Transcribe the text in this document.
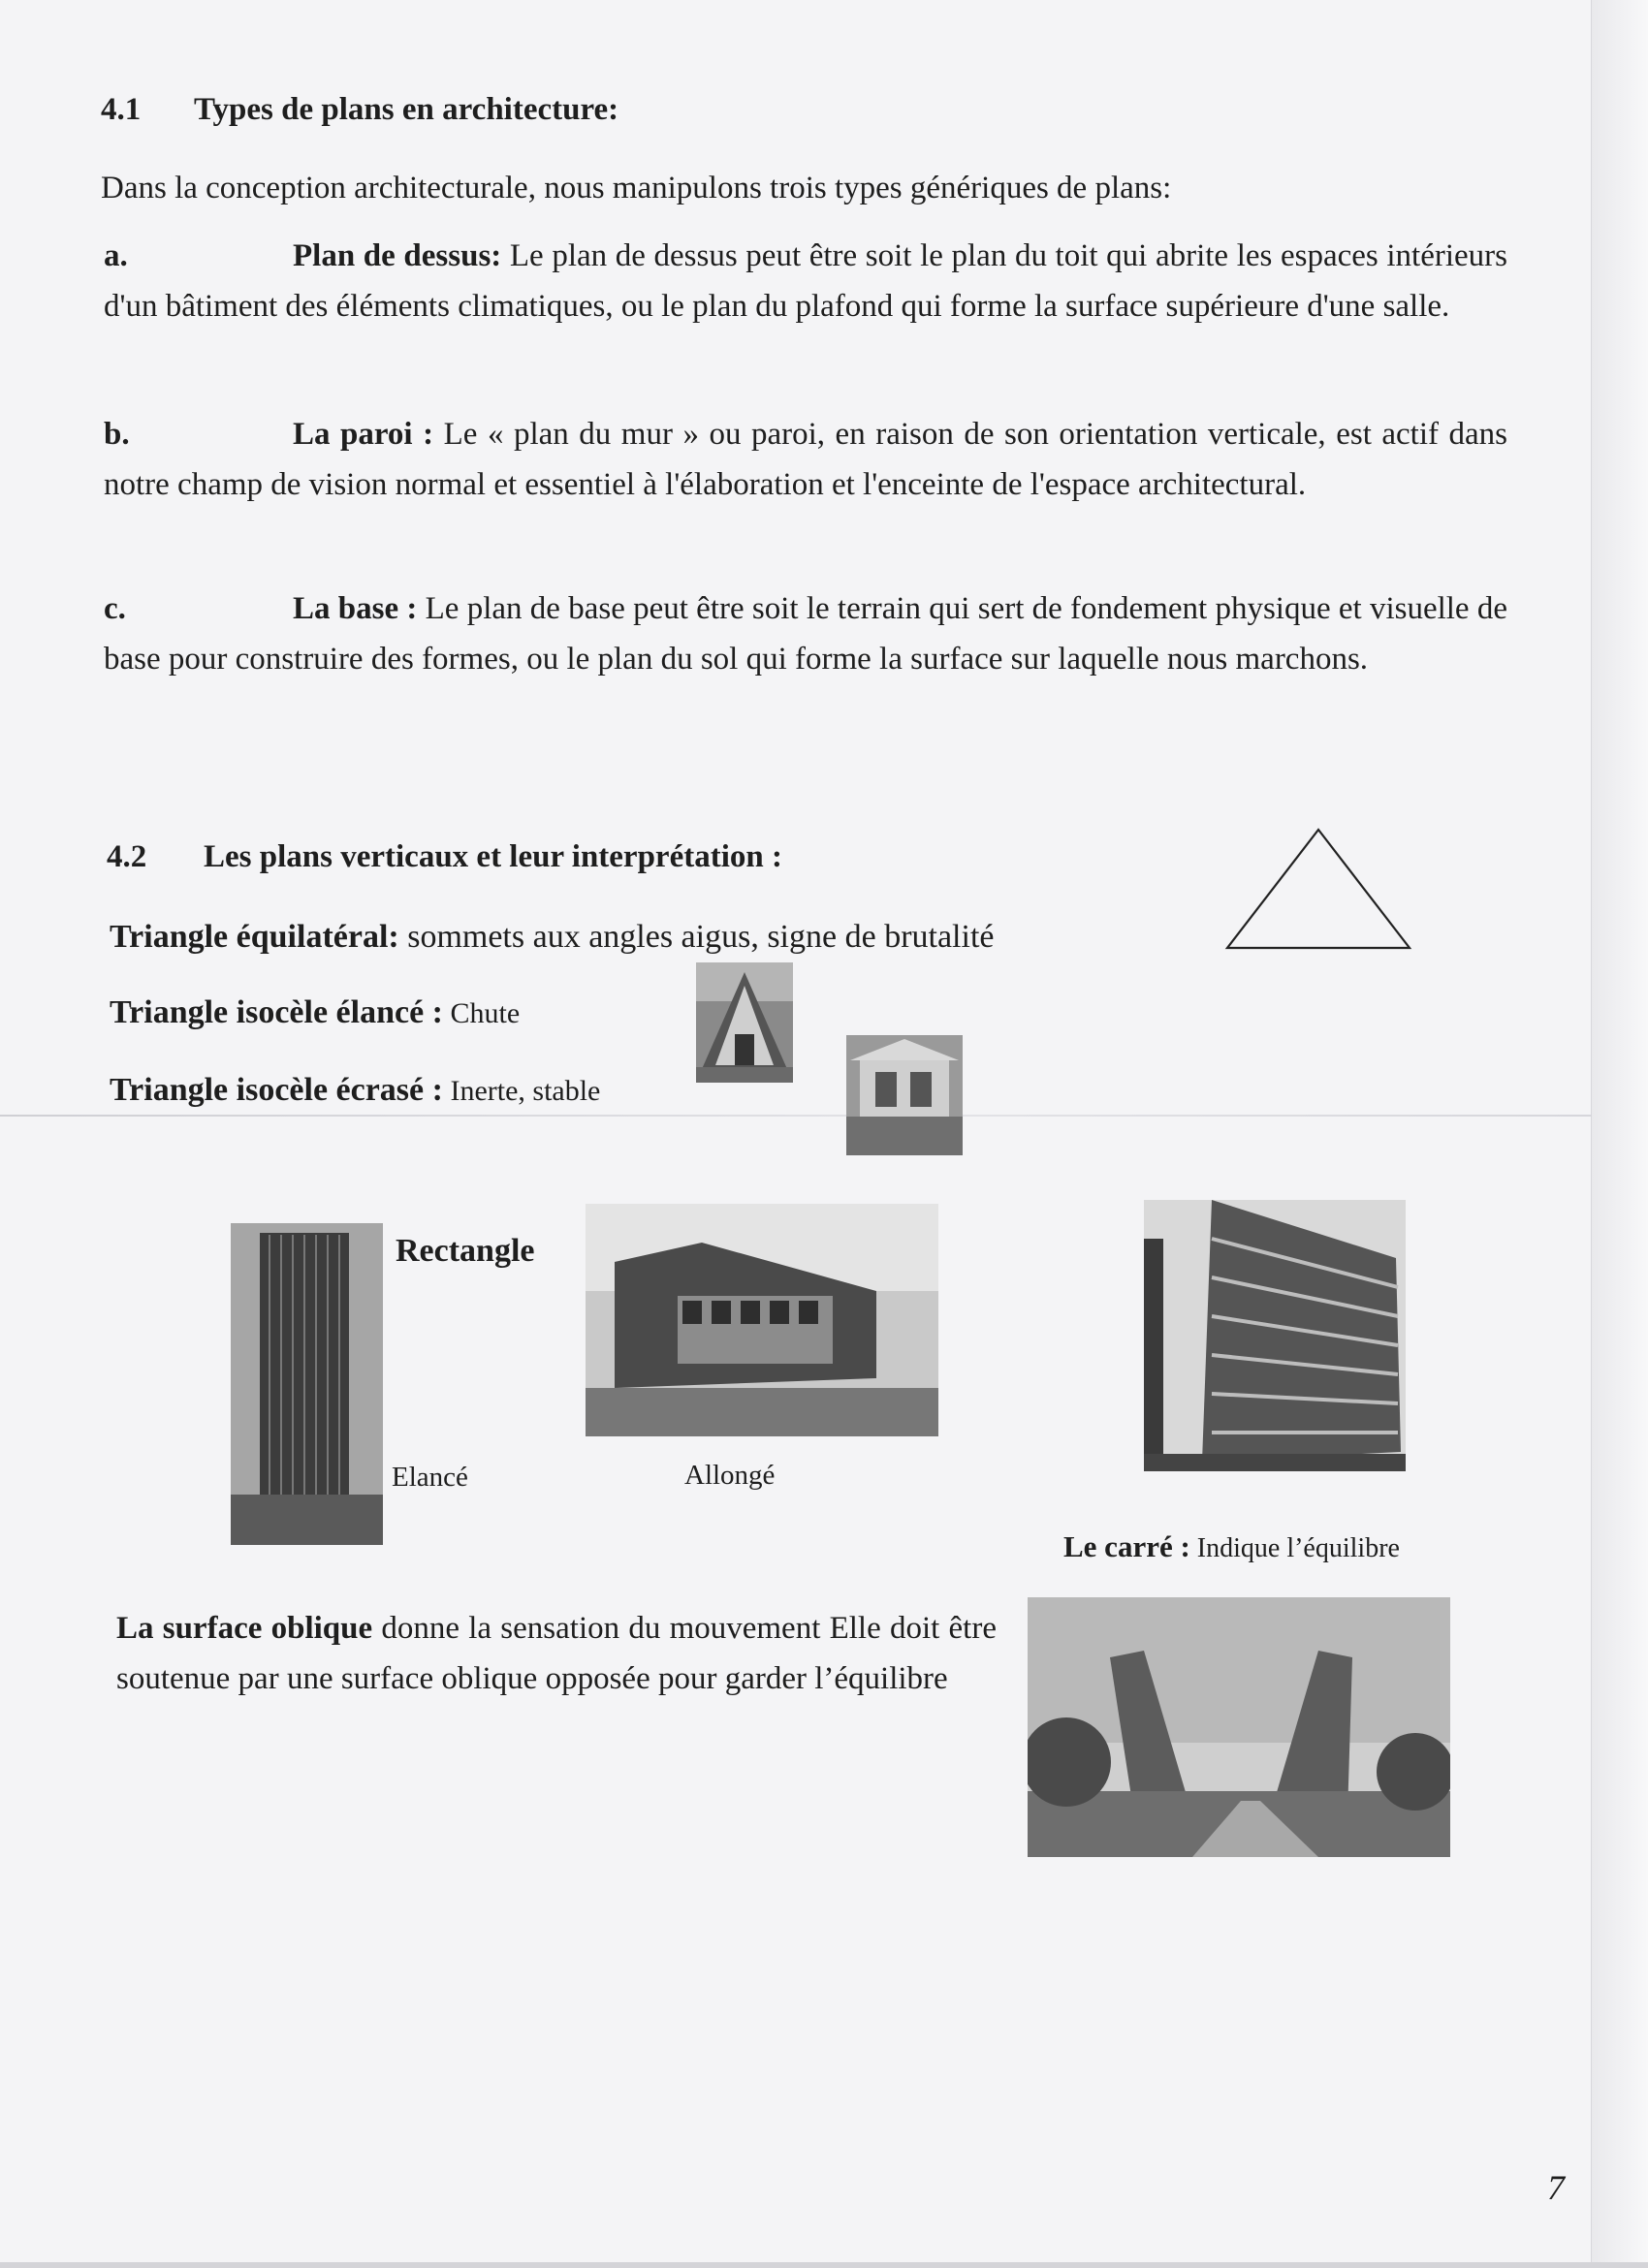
4.1 Types de plans en architecture:

Dans la conception architecturale, nous manipulons trois types génériques de plans:

a.	Plan de dessus: Le plan de dessus peut être soit le plan du toit qui abrite les espaces intérieurs d'un bâtiment des éléments climatiques, ou le plan du plafond qui forme la surface supérieure d'une salle.

b.	La paroi : Le « plan du mur » ou paroi, en raison de son orientation verticale, est actif dans notre champ de vision normal et essentiel à l'élaboration et l'enceinte de l'espace architectural.

c.	La base : Le plan de base peut être soit le terrain qui sert de fondement physique et visuelle de base pour construire des formes, ou le plan du sol qui forme la surface sur laquelle nous marchons.

4.2 Les plans verticaux et leur interprétation :
Triangle équilatéral: sommets aux angles aigus, signe de brutalité
Triangle isocèle élancé : Chute
Triangle isocèle écrasé : Inerte, stable
Rectangle
Elancé	Allongé
Le carré : Indique l’équilibre

La surface oblique donne la sensation du mouvement Elle doit être soutenue par une surface oblique opposée pour garder l’équilibre

7
